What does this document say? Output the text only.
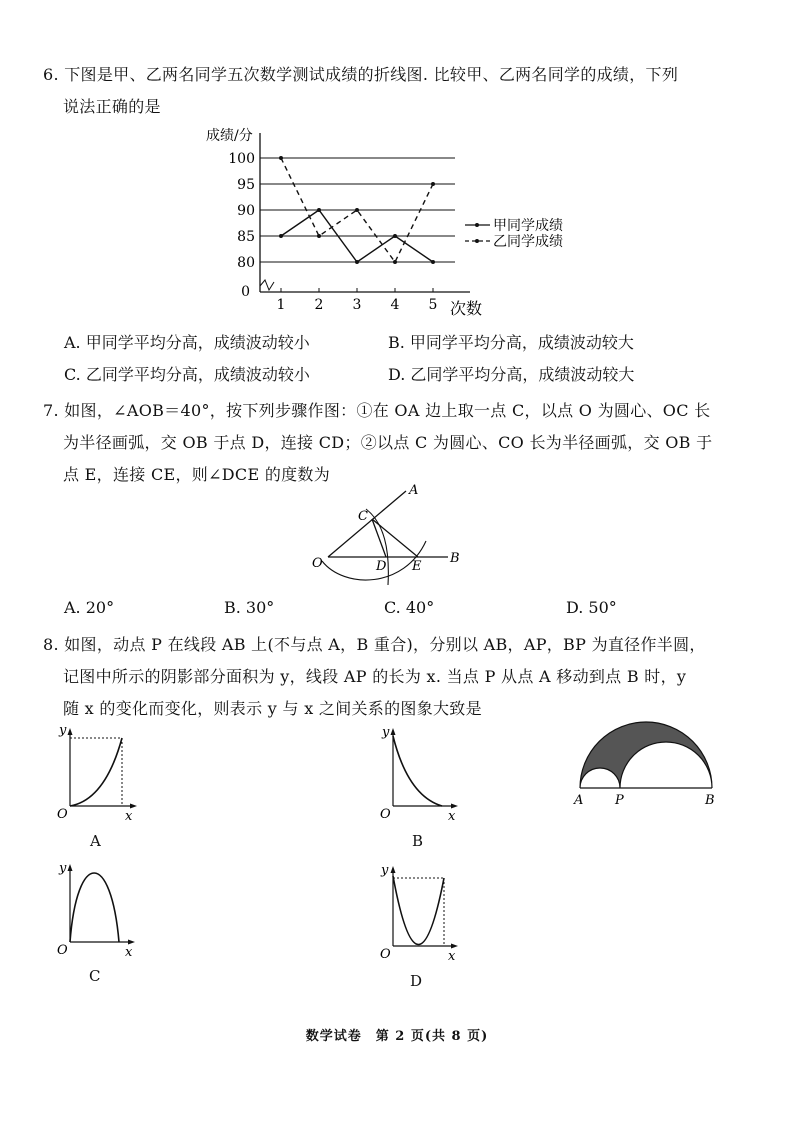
6. 下图是甲、乙两名同学五次数学测试成绩的折线图. 比较甲、乙两名同学的成绩，下列
说法正确的是
80
85
90
95
100
0
成绩/分
1 2 3 4 5 次数
甲同学成绩
乙同学成绩
A. 甲同学平均分高，成绩波动较小	B. 甲同学平均分高，成绩波动较大
C. 乙同学平均分高，成绩波动较小	D. 乙同学平均分高，成绩波动较大
7. 如图，∠AOB＝40°，按下列步骤作图：①在 OA 边上取一点 C，以点 O 为圆心、OC 长
为半径画弧，交 OB 于点 D，连接 CD；②以点 C 为圆心、CO 长为半径画弧，交 OB 于
点 E，连接 CE，则∠DCE 的度数为
C
A
B
O	D E
A. 20°	B. 30°	C. 40°	D. 50°
8. 如图，动点 P 在线段 AB 上(不与点 A，B 重合)，分别以 AB，AP，BP 为直径作半圆，
记图中所示的阴影部分面积为 y，线段 AP 的长为 x. 当点 P 从点 A 移动到点 B 时，y
随 x 的变化而变化，则表示 y 与 x 之间关系的图象大致是
y
x
O
A
y
x
O
B
y
x
O
C
y
x
O
D
A P	B
数学试卷　第 2 页(共 8 页)
